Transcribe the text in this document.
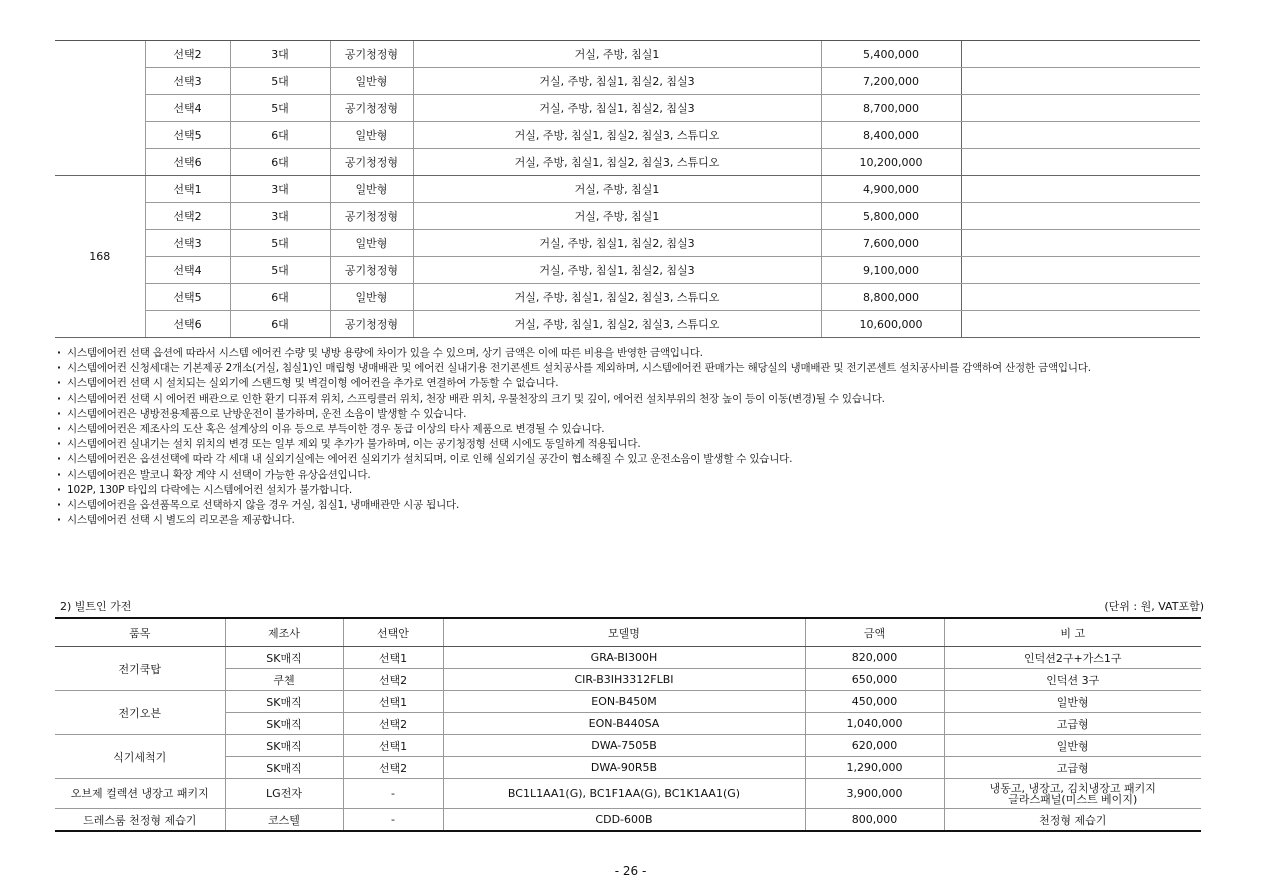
	선택2	3대	공기청정형	거실, 주방, 침실1	5,400,000	
	선택3	5대	일반형	거실, 주방, 침실1, 침실2, 침실3	7,200,000	
	선택4	5대	공기청정형	거실, 주방, 침실1, 침실2, 침실3	8,700,000	
	선택5	6대	일반형	거실, 주방, 침실1, 침실2, 침실3, 스튜디오	8,400,000	
	선택6	6대	공기청정형	거실, 주방, 침실1, 침실2, 침실3, 스튜디오	10,200,000	
168	선택1	3대	일반형	거실, 주방, 침실1	4,900,000	
	선택2	3대	공기청정형	거실, 주방, 침실1	5,800,000	
	선택3	5대	일반형	거실, 주방, 침실1, 침실2, 침실3	7,600,000	
	선택4	5대	공기청정형	거실, 주방, 침실1, 침실2, 침실3	9,100,000	
	선택5	6대	일반형	거실, 주방, 침실1, 침실2, 침실3, 스튜디오	8,800,000	
	선택6	6대	공기청정형	거실, 주방, 침실1, 침실2, 침실3, 스튜디오	10,600,000	
· 시스템에어컨 선택 옵션에 따라서 시스템 에어컨 수량 및 냉방 용량에 차이가 있을 수 있으며, 상기 금액은 이에 따른 비용을 반영한 금액입니다.
· 시스템에어컨 신청세대는 기본제공 2개소(거실, 침실1)인 매립형 냉매배관 및 에어컨 실내기용 전기콘센트 설치공사를 제외하며, 시스템에어컨 판매가는 해당실의 냉매배관 및 전기콘센트 설치공사비를 감액하여 산정한 금액입니다.
· 시스템에어컨 선택 시 설치되는 실외기에 스탠드형 및 벽걸이형 에어컨을 추가로 연결하여 가동할 수 없습니다.
· 시스템에어컨 선택 시 에어컨 배관으로 인한 환기 디퓨져 위치, 스프링클러 위치, 천장 배관 위치, 우물천장의 크기 및 깊이, 에어컨 설치부위의 천장 높이 등이 이동(변경)될 수 있습니다.
· 시스템에어컨은 냉방전용제품으로 난방운전이 불가하며, 운전 소음이 발생할 수 있습니다.
· 시스템에어컨은 제조사의 도산 혹은 설계상의 이유 등으로 부득이한 경우 동급 이상의 타사 제품으로 변경될 수 있습니다.
· 시스템에어컨 실내기는 설치 위치의 변경 또는 일부 제외 및 추가가 불가하며, 이는 공기청정형 선택 시에도 동일하게 적용됩니다.
· 시스템에어컨은 옵션선택에 따라 각 세대 내 실외기실에는 에어컨 실외기가 설치되며, 이로 인해 실외기실 공간이 협소해질 수 있고 운전소음이 발생할 수 있습니다.
· 시스템에어컨은 발코니 확장 계약 시 선택이 가능한 유상옵션입니다.
· 102P, 130P 타입의 다락에는 시스템에어컨 설치가 불가합니다.
· 시스템에어컨을 옵션품목으로 선택하지 않을 경우 거실, 침실1, 냉매배관만 시공 됩니다.
· 시스템에어컨 선택 시 별도의 리모콘을 제공합니다.
2) 빌트인 가전	(단위 : 원, VAT포함)
품목	제조사	선택안	모델명	금액	비 고
전기쿡탑	SK매직	선택1	GRA-BI300H	820,000	인덕션2구+가스1구

	쿠첸	선택2	CIR-B3IH3312FLBI	650,000	인덕션 3구

전기오븐	SK매직	선택1	EON-B450M	450,000	일반형

	SK매직	선택2	EON-B440SA	1,040,000	고급형

식기세척기	SK매직	선택1	DWA-7505B	620,000	일반형

	SK매직	선택2	DWA-90R5B	1,290,000	고급형

오브제 컬렉션 냉장고 패키지	LG전자	-	BC1L1AA1(G), BC1F1AA(G), BC1K1AA1(G)	3,900,000	냉동고, 냉장고, 김치냉장고 패키지
글라스패널(미스트 베이지)

드레스룸 천정형 제습기	코스텔	-	CDD-600B	800,000	천정형 제습기
- 26 -
